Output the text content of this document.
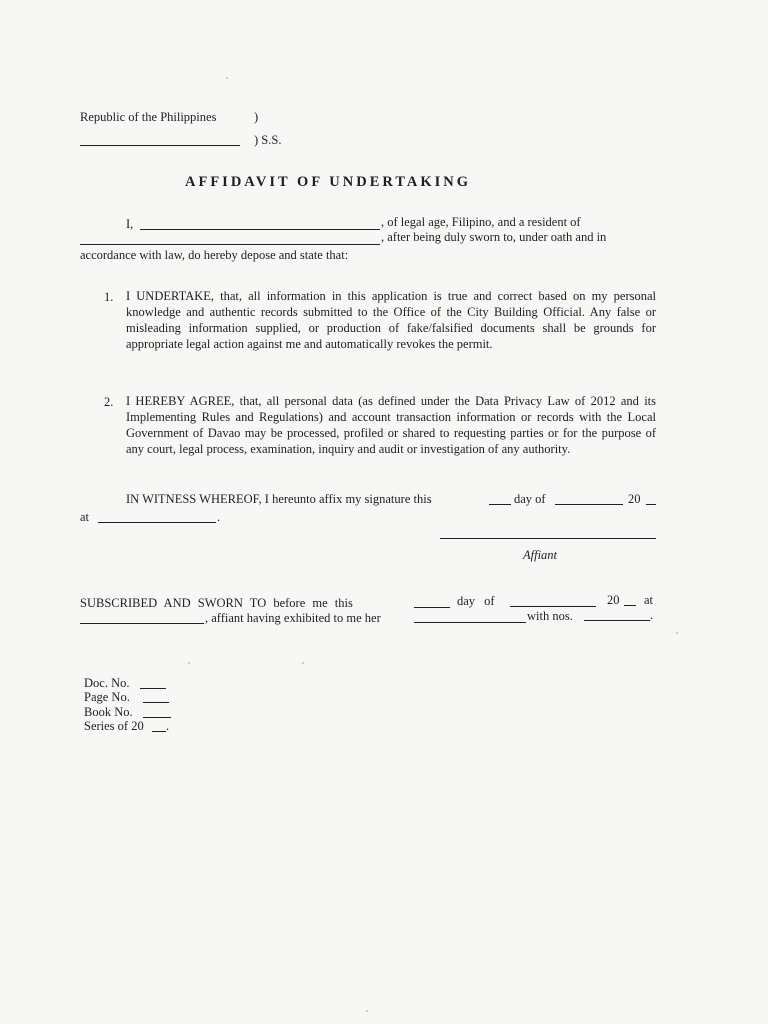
Republic of the Philippines	)
) S.S.
AFFIDAVIT OF UNDERTAKING
I,	, of legal age, Filipino, and a resident of
, after being duly sworn to, under oath and in
accordance with law, do hereby depose and state that:
1. I UNDERTAKE, that, all information in this application is true and correct based on my personal knowledge and authentic records submitted to the Office of the City Building Official. Any false or misleading information supplied, or production of fake/falsified documents shall be grounds for appropriate legal action against me and automatically revokes the permit.
2. I HEREBY AGREE, that, all personal data (as defined under the Data Privacy Law of 2012 and its Implementing Rules and Regulations) and account transaction information or records with the Local Government of Davao may be processed, profiled or shared to requesting parties or for the purpose of any court, legal process, examination, inquiry and audit or investigation of any authority.
IN WITNESS WHEREOF, I hereunto affix my signature this	day of	20
at	.
Affiant
SUBSCRIBED AND SWORN TO before me this	day of	20 at
, affiant having exhibited to me her	with nos.	.
Doc. No.
Page No.
Book No.
Series of 20 .
